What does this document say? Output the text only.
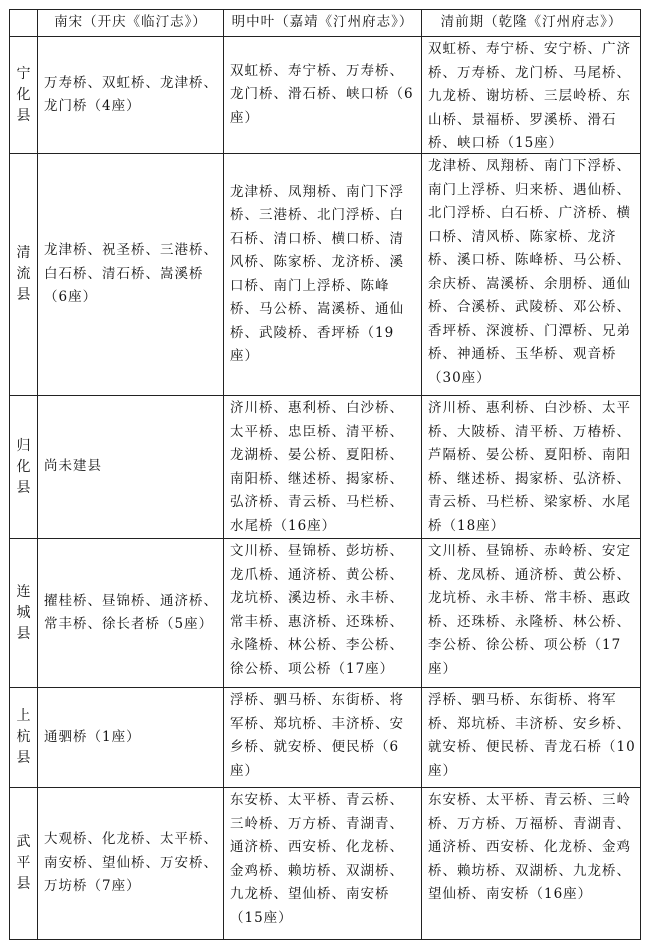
南宋（开庆《临汀志》）	明中叶（嘉靖《汀州府志》）	清前期（乾隆《汀州府志》）
宁化县
万寿桥、双虹桥、龙津桥、龙门桥（4座）
双虹桥、寿宁桥、万寿桥、龙门桥、滑石桥、峡口桥（6座）
双虹桥、寿宁桥、安宁桥、广济桥、万寿桥、龙门桥、马尾桥、九龙桥、谢坊桥、三层岭桥、东山桥、景福桥、罗溪桥、滑石桥、峡口桥（15座）
清流县
龙津桥、祝圣桥、三港桥、白石桥、清石桥、嵩溪桥（6座）
龙津桥、凤翔桥、南门下浮桥、三港桥、北门浮桥、白石桥、清口桥、横口桥、清风桥、陈家桥、龙济桥、溪口桥、南门上浮桥、陈峰桥、马公桥、嵩溪桥、通仙桥、武陵桥、香坪桥（19座）
龙津桥、凤翔桥、南门下浮桥、南门上浮桥、归来桥、遇仙桥、北门浮桥、白石桥、广济桥、横口桥、清风桥、陈家桥、龙济桥、溪口桥、陈峰桥、马公桥、余庆桥、嵩溪桥、余朋桥、通仙桥、合溪桥、武陵桥、邓公桥、香坪桥、深渡桥、门潭桥、兄弟桥、神通桥、玉华桥、观音桥（30座）
归化县
尚未建县
济川桥、惠利桥、白沙桥、太平桥、忠臣桥、清平桥、龙湖桥、晏公桥、夏阳桥、南阳桥、继述桥、揭家桥、弘济桥、青云桥、马栏桥、水尾桥（16座）
济川桥、惠利桥、白沙桥、太平桥、大陂桥、清平桥、万椿桥、芦隔桥、晏公桥、夏阳桥、南阳桥、继述桥、揭家桥、弘济桥、青云桥、马栏桥、梁家桥、水尾桥（18座）
连城县
擢桂桥、昼锦桥、通济桥、常丰桥、徐长者桥（5座）
文川桥、昼锦桥、彭坊桥、龙爪桥、通济桥、黄公桥、龙坑桥、溪边桥、永丰桥、常丰桥、惠济桥、还珠桥、永隆桥、林公桥、李公桥、徐公桥、项公桥（17座）
文川桥、昼锦桥、赤岭桥、安定桥、龙凤桥、通济桥、黄公桥、龙坑桥、永丰桥、常丰桥、惠政桥、还珠桥、永隆桥、林公桥、李公桥、徐公桥、项公桥（17座）
上杭县
通驷桥（1座）
浮桥、驷马桥、东街桥、将军桥、郑坑桥、丰济桥、安乡桥、就安桥、便民桥（6座）
浮桥、驷马桥、东街桥、将军桥、郑坑桥、丰济桥、安乡桥、就安桥、便民桥、青龙石桥（10座）
武平县
大观桥、化龙桥、太平桥、南安桥、望仙桥、万安桥、万坊桥（7座）
东安桥、太平桥、青云桥、三岭桥、万方桥、青湖青、通济桥、西安桥、化龙桥、金鸡桥、赖坊桥、双湖桥、九龙桥、望仙桥、南安桥（15座）
东安桥、太平桥、青云桥、三岭桥、万方桥、万福桥、青湖青、通济桥、西安桥、化龙桥、金鸡桥、赖坊桥、双湖桥、九龙桥、望仙桥、南安桥（16座）
